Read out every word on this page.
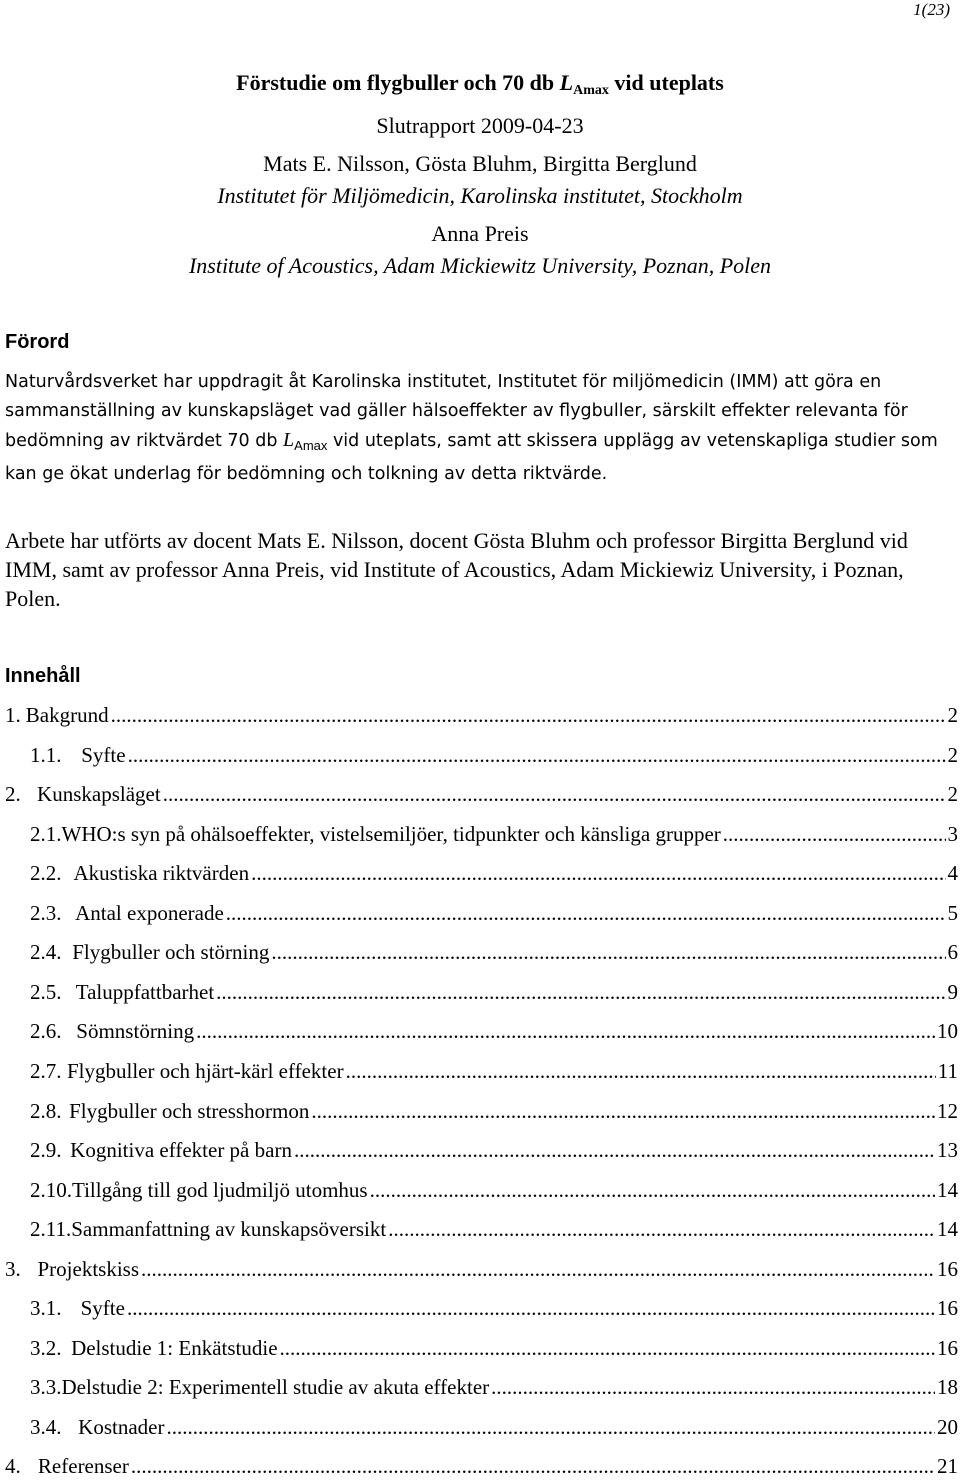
1(23)
Förstudie om flygbuller och 70 db $L_{Amax}$ vid uteplats
Slutrapport 2009-04-23
Mats E. Nilsson, Gösta Bluhm, Birgitta Berglund
Institutet för Miljömedicin, Karolinska institutet, Stockholm
Anna Preis
Institute of Acoustics, Adam Mickiewitz University, Poznan, Polen
Förord
Naturvårdsverket har uppdragit åt Karolinska institutet, Institutet för miljömedicin (IMM) att göra en sammanställning av kunskapsläget vad gäller hälsoeffekter av flygbuller, särskilt effekter relevanta för bedömning av riktvärdet 70 db $L_{Amax}$ vid uteplats, samt att skissera upplägg av vetenskapliga studier som kan ge ökat underlag för bedömning och tolkning av detta riktvärde.
Arbete har utförts av docent Mats E. Nilsson, docent Gösta Bluhm och professor Birgitta Berglund vid IMM, samt av professor Anna Preis, vid Institute of Acoustics, Adam Mickiewiz University, i Poznan, Polen.
Innehåll
1. Bakgrund .....	2
1.1. Syfte .....	2
2. Kunskapsläget .....	2
2.1. WHO:s syn på ohälsoeffekter, vistelsemiljöer, tidpunkter och känsliga grupper .....	3
2.2. Akustiska riktvärden .....	4
2.3. Antal exponerade .....	5
2.4. Flygbuller och störning .....	6
2.5. Taluppfattbarhet .....	9
2.6. Sömnstörning .....	10
2.7. Flygbuller och hjärt-kärl effekter .....	11
2.8. Flygbuller och stresshormon .....	12
2.9. Kognitiva effekter på barn .....	13
2.10. Tillgång till god ljudmiljö utomhus .....	14
2.11. Sammanfattning av kunskapsöversikt .....	14
3. Projektskiss .....	16
3.1. Syfte .....	16
3.2. Delstudie 1: Enkätstudie .....	16
3.3. Delstudie 2: Experimentell studie av akuta effekter .....	18
3.4. Kostnader .....	20
4. Referenser .....	21
